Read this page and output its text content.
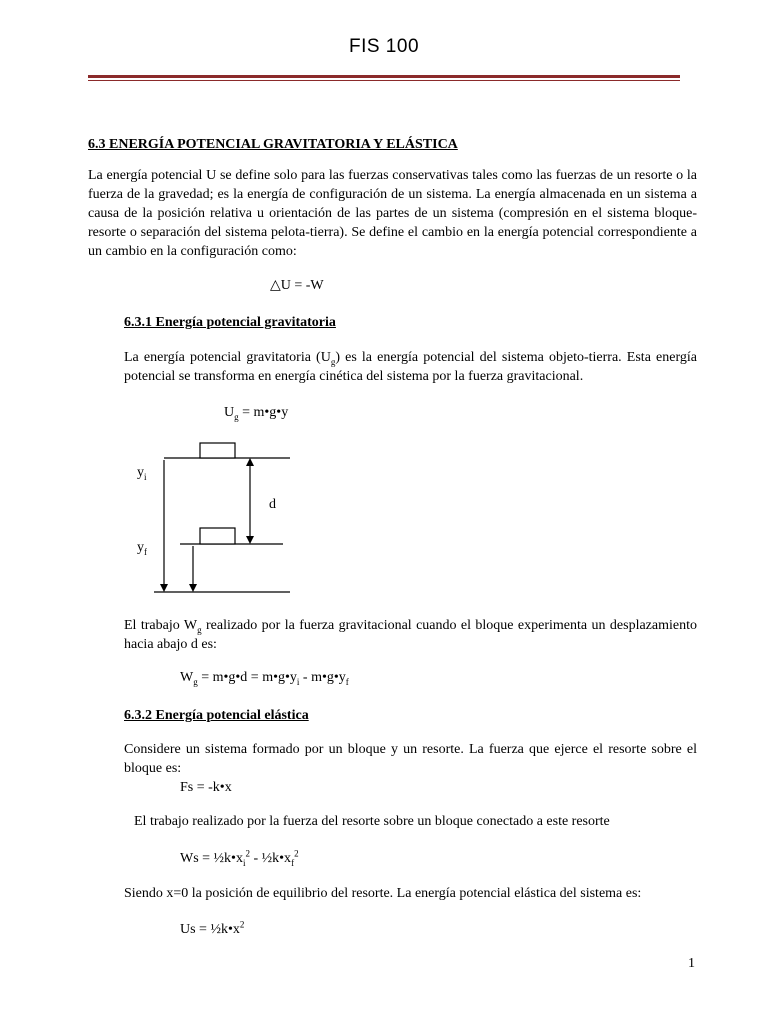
FIS 100
6.3 ENERGÍA POTENCIAL GRAVITATORIA Y ELÁSTICA
La energía potencial U se define solo para las fuerzas conservativas tales como las fuerzas de un resorte o la fuerza de la gravedad; es la energía de configuración de un sistema. La energía almacenada en un sistema a causa de la posición relativa u orientación de las partes de un sistema (compresión en el sistema bloque-resorte o separación del sistema pelota-tierra). Se define el cambio en la energía potencial correspondiente a un cambio en la configuración como:
△U = -W
6.3.1 Energía potencial gravitatoria
La energía potencial gravitatoria $(U_g)$ es la energía potencial del sistema objeto-tierra. Esta energía potencial se transforma en energía cinética del sistema por la fuerza gravitacional.
$U_g$ = m•g•y
$y_i$
$y_f$
d
El trabajo $W_g$ realizado por la fuerza gravitacional cuando el bloque experimenta un desplazamiento hacia abajo d es:
$W_g$ = m•g•d = $m•g•y_i$ - $m•g•y_f$
6.3.2 Energía potencial elástica
Considere un sistema formado por un bloque y un resorte. La fuerza que ejerce el resorte sobre el bloque es:
Fs = -k•x
El trabajo realizado por la fuerza del resorte sobre un bloque conectado a este resorte
$Ws = \frac{1}{2}k•x_i^2$ - $\frac{1}{2}k•x_f^2$
Siendo x=0 la posición de equilibrio del resorte. La energía potencial elástica del sistema es:
$Us = \frac{1}{2}k•x^2$
1
